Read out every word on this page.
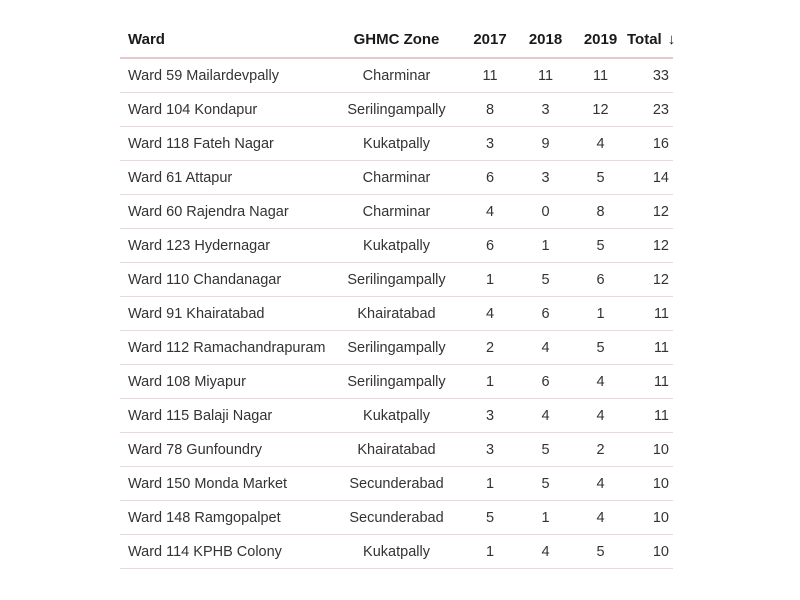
Ward	GHMC Zone	2017	2018	2019	Total ↓
Ward 59 Mailardevpally	Charminar	11	11	11	33
Ward 104 Kondapur	Serilingampally	8	3	12	23
Ward 118 Fateh Nagar	Kukatpally	3	9	4	16
Ward 61 Attapur	Charminar	6	3	5	14
Ward 60 Rajendra Nagar	Charminar	4	0	8	12
Ward 123 Hydernagar	Kukatpally	6	1	5	12
Ward 110 Chandanagar	Serilingampally	1	5	6	12
Ward 91 Khairatabad	Khairatabad	4	6	1	11
Ward 112 Ramachandrapuram	Serilingampally	2	4	5	11
Ward 108 Miyapur	Serilingampally	1	6	4	11
Ward 115 Balaji Nagar	Kukatpally	3	4	4	11
Ward 78 Gunfoundry	Khairatabad	3	5	2	10
Ward 150 Monda Market	Secunderabad	1	5	4	10
Ward 148 Ramgopalpet	Secunderabad	5	1	4	10
Ward 114 KPHB Colony	Kukatpally	1	4	5	10
